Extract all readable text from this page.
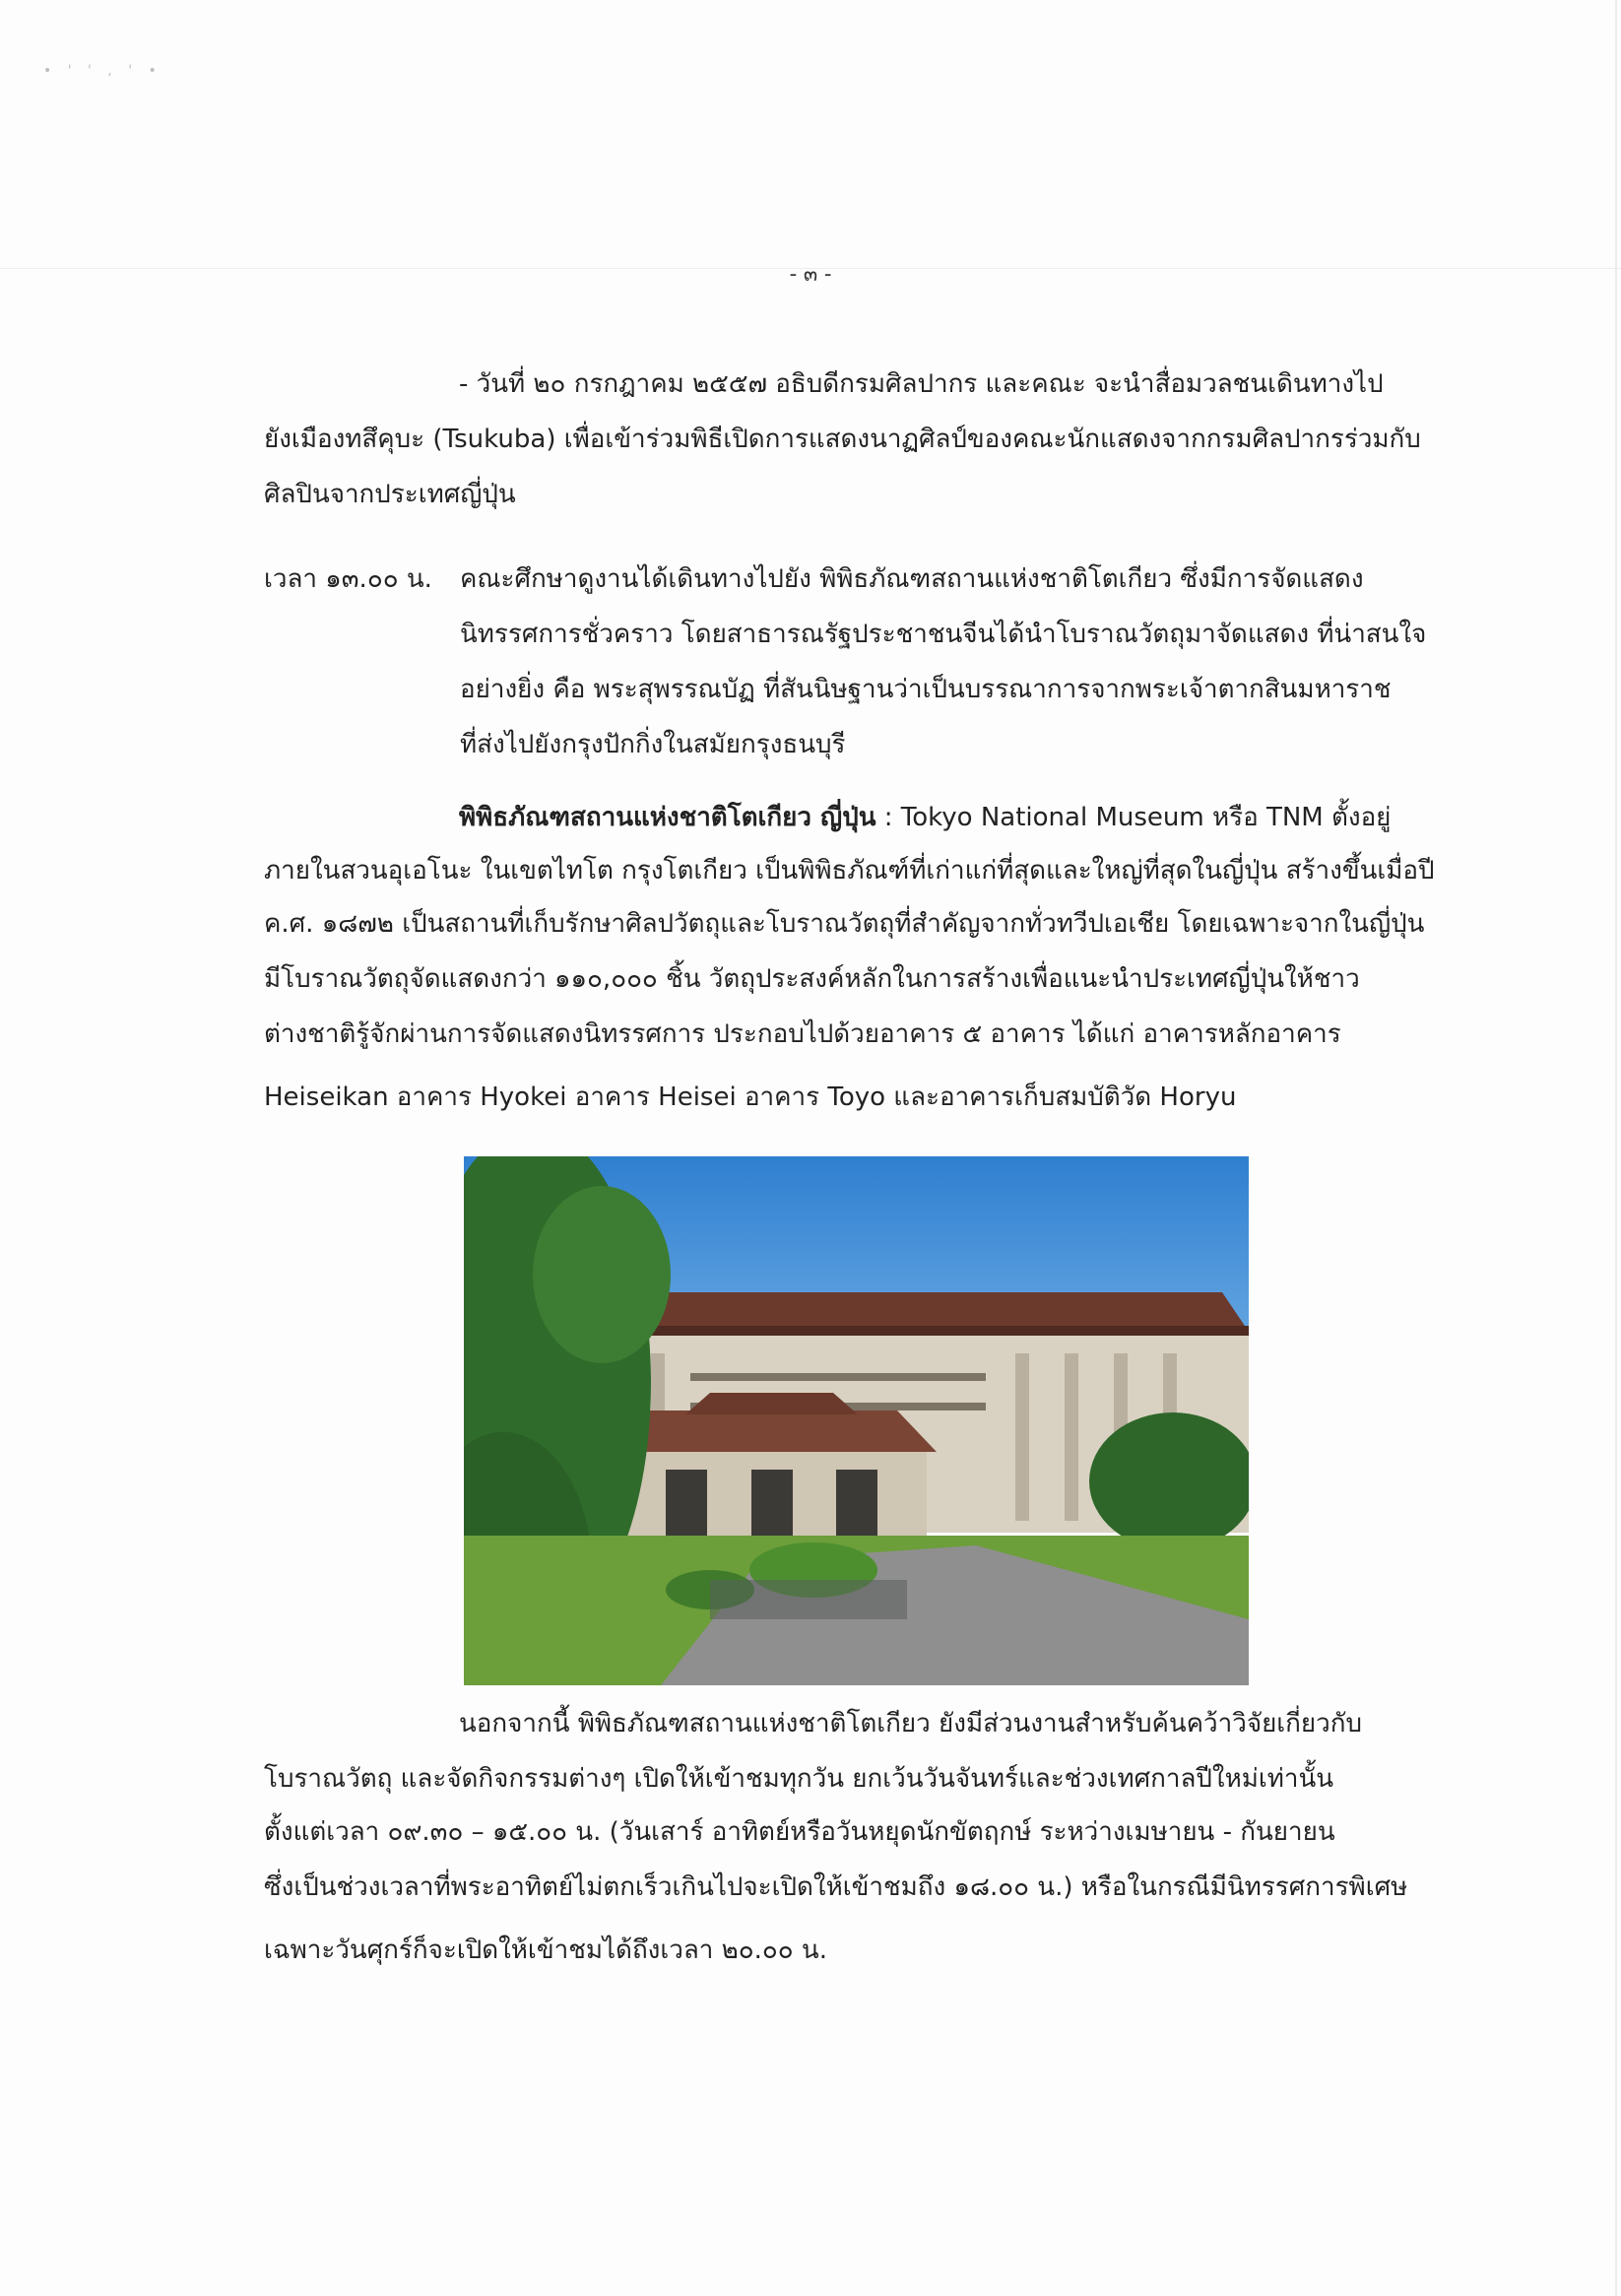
• ' ' , ' •
- ๓ -
- วันที่ ๒๐ กรกฎาคม ๒๕๕๗ อธิบดีกรมศิลปากร และคณะ จะนำสื่อมวลชนเดินทางไป
ยังเมืองทสึคุบะ (Tsukuba) เพื่อเข้าร่วมพิธีเปิดการแสดงนาฏศิลป์ของคณะนักแสดงจากกรมศิลปากรร่วมกับ
ศิลปินจากประเทศญี่ปุ่น
เวลา ๑๓.๐๐ น. คณะศึกษาดูงานได้เดินทางไปยัง พิพิธภัณฑสถานแห่งชาติโตเกียว ซึ่งมีการจัดแสดง
นิทรรศการชั่วคราว โดยสาธารณรัฐประชาชนจีนได้นำโบราณวัตถุมาจัดแสดง ที่น่าสนใจ
อย่างยิ่ง คือ พระสุพรรณบัฏ ที่สันนิษฐานว่าเป็นบรรณาการจากพระเจ้าตากสินมหาราช
ที่ส่งไปยังกรุงปักกิ่งในสมัยกรุงธนบุรี
พิพิธภัณฑสถานแห่งชาติโตเกียว ญี่ปุ่น : Tokyo National Museum หรือ TNM ตั้งอยู่
ภายในสวนอุเอโนะ ในเขตไทโต กรุงโตเกียว เป็นพิพิธภัณฑ์ที่เก่าแก่ที่สุดและใหญ่ที่สุดในญี่ปุ่น สร้างขึ้นเมื่อปี
ค.ศ. ๑๘๗๒ เป็นสถานที่เก็บรักษาศิลปวัตถุและโบราณวัตถุที่สำคัญจากทั่วทวีปเอเชีย โดยเฉพาะจากในญี่ปุ่น
มีโบราณวัตถุจัดแสดงกว่า ๑๑๐,๐๐๐ ชิ้น วัตถุประสงค์หลักในการสร้างเพื่อแนะนำประเทศญี่ปุ่นให้ชาว
ต่างชาติรู้จักผ่านการจัดแสดงนิทรรศการ ประกอบไปด้วยอาคาร ๕ อาคาร ได้แก่ อาคารหลักอาคาร
Heiseikan อาคาร Hyokei อาคาร Heisei อาคาร Toyo และอาคารเก็บสมบัติวัด Horyu
นอกจากนี้ พิพิธภัณฑสถานแห่งชาติโตเกียว ยังมีส่วนงานสำหรับค้นคว้าวิจัยเกี่ยวกับ
โบราณวัตถุ และจัดกิจกรรมต่างๆ เปิดให้เข้าชมทุกวัน ยกเว้นวันจันทร์และช่วงเทศกาลปีใหม่เท่านั้น
ตั้งแต่เวลา ๐๙.๓๐ – ๑๕.๐๐ น. (วันเสาร์ อาทิตย์หรือวันหยุดนักขัตฤกษ์ ระหว่างเมษายน - กันยายน
ซึ่งเป็นช่วงเวลาที่พระอาทิตย์ไม่ตกเร็วเกินไปจะเปิดให้เข้าชมถึง ๑๘.๐๐ น.) หรือในกรณีมีนิทรรศการพิเศษ
เฉพาะวันศุกร์ก็จะเปิดให้เข้าชมได้ถึงเวลา ๒๐.๐๐ น.
